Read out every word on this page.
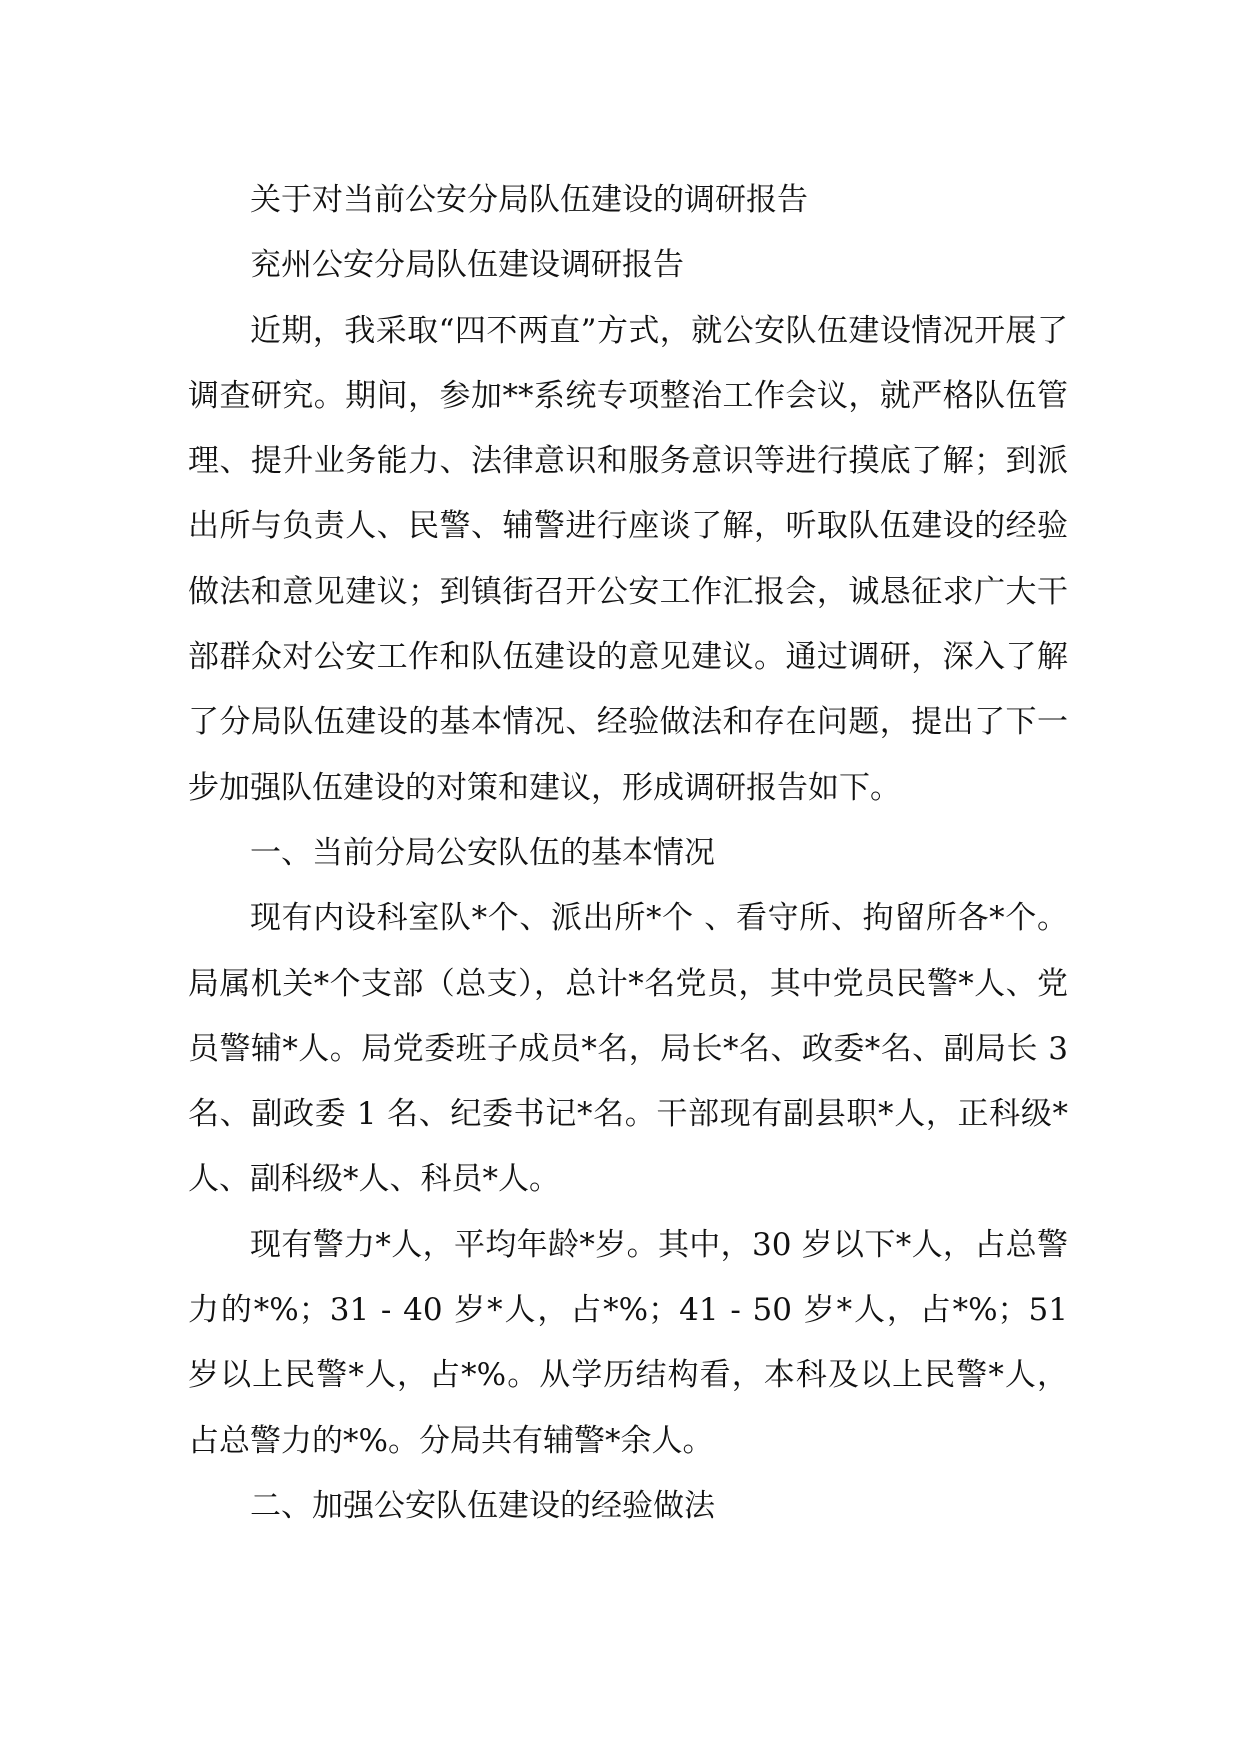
关于对当前公安分局队伍建设的调研报告

兖州公安分局队伍建设调研报告

近期，我采取“四不两直”方式，就公安队伍建设情况开展了调查研究。期间，参加**系统专项整治工作会议，就严格队伍管理、提升业务能力、法律意识和服务意识等进行摸底了解；到派出所与负责人、民警、辅警进行座谈了解，听取队伍建设的经验做法和意见建议；到镇街召开公安工作汇报会，诚恳征求广大干部群众对公安工作和队伍建设的意见建议。通过调研，深入了解了分局队伍建设的基本情况、经验做法和存在问题，提出了下一步加强队伍建设的对策和建议，形成调研报告如下。

一、当前分局公安队伍的基本情况

现有内设科室队*个、派出所*个 、看守所、拘留所各*个。局属机关*个支部（总支），总计*名党员，其中党员民警*人、党员警辅*人。局党委班子成员*名，局长*名、政委*名、副局长 3 名、副政委 1 名、纪委书记*名。干部现有副县职*人，正科级*人、副科级*人、科员*人。

现有警力*人，平均年龄*岁。其中，30 岁以下*人，占总警力的*%；31 - 40 岁*人，占*%；41 - 50 岁*人，占*%；51 岁以上民警*人，占*%。从学历结构看，本科及以上民警*人，占总警力的*%。分局共有辅警*余人。

二、加强公安队伍建设的经验做法
